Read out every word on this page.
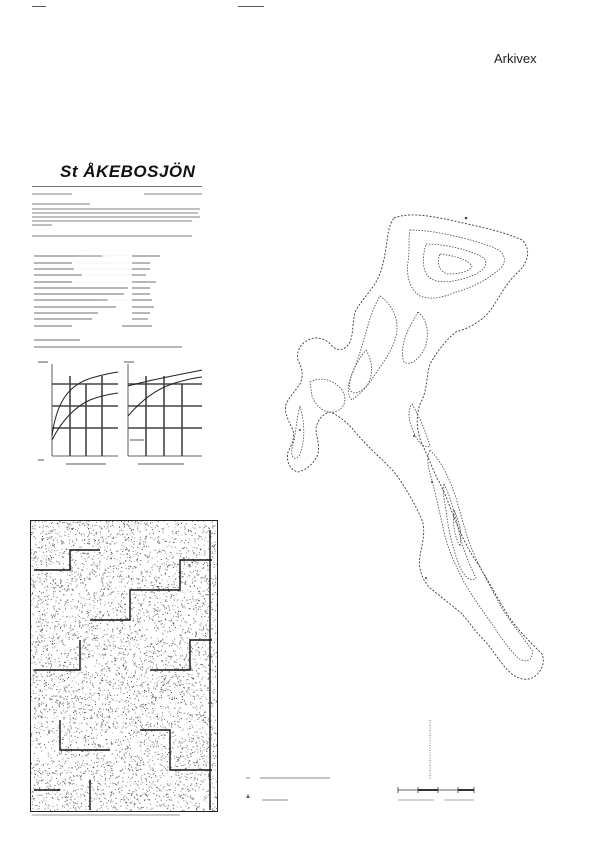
Arkivex
St ÅKEBOSJÖN
